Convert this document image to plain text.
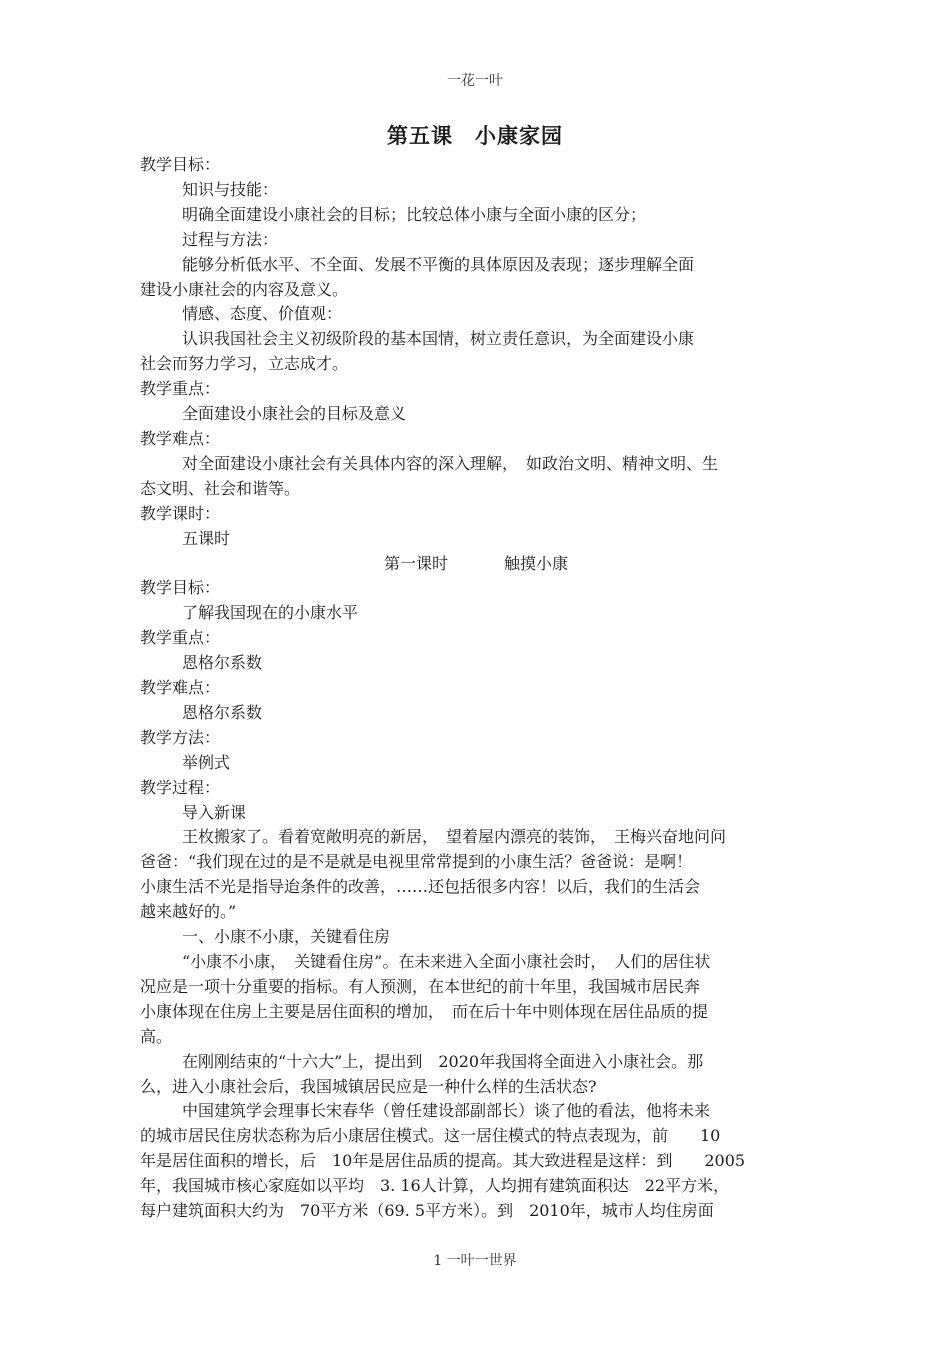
一花一叶
第五课　小康家园

教学目标：

知识与技能：

明确全面建设小康社会的目标；比较总体小康与全面小康的区分；

过程与方法：

能够分析低水平、不全面、发展不平衡的具体原因及表现；逐步理解全面

建设小康社会的内容及意义。

情感、态度、价值观：

认识我国社会主义初级阶段的基本国情，树立责任意识，为全面建设小康

社会而努力学习，立志成才。

教学重点：

全面建设小康社会的目标及意义

教学难点：

对全面建设小康社会有关具体内容的深入理解，　如政治文明、精神文明、生

态文明、社会和谐等。

教学课时：

五课时

第一课时	触摸小康

教学目标：

了解我国现在的小康水平

教学重点：

恩格尔系数

教学难点：

恩格尔系数

教学方法：

举例式

教学过程：

导入新课

王枚搬家了。看着宽敞明亮的新居，　望着屋内漂亮的装饰，　王梅兴奋地问问

爸爸：“我们现在过的是不是就是电视里常常提到的小康生活？爸爸说：是啊！

小康生活不光是指导迨条件的改善，……还包括很多内容！以后，我们的生活会

越来越好的。”

一、小康不小康，关键看住房

“小康不小康，　关键看住房”。在未来进入全面小康社会时，　人们的居住状

况应是一项十分重要的指标。有人预测，在本世纪的前十年里，我国城市居民奔

小康体现在住房上主要是居住面积的增加，　而在后十年中则体现在居住品质的提

高。

在刚刚结束的“十六大”上，提出到　2020年我国将全面进入小康社会。那

么，进入小康社会后，我国城镇居民应是一种什么样的生活状态?

中国建筑学会理事长宋春华（曾任建设部副部长）谈了他的看法，他将未来

的城市居民住房状态称为后小康居住模式。这一居住模式的特点表现为，前　　10

年是居住面积的增长，后　10年是居住品质的提高。其大致进程是这样：到　　2005

年，我国城市核心家庭如以平均　3. 16人计算，人均拥有建筑面积达　22平方米，

每户建筑面积大约为　70平方米（69. 5平方米）。到　2010年，城市人均住房面

1 一叶一世界
